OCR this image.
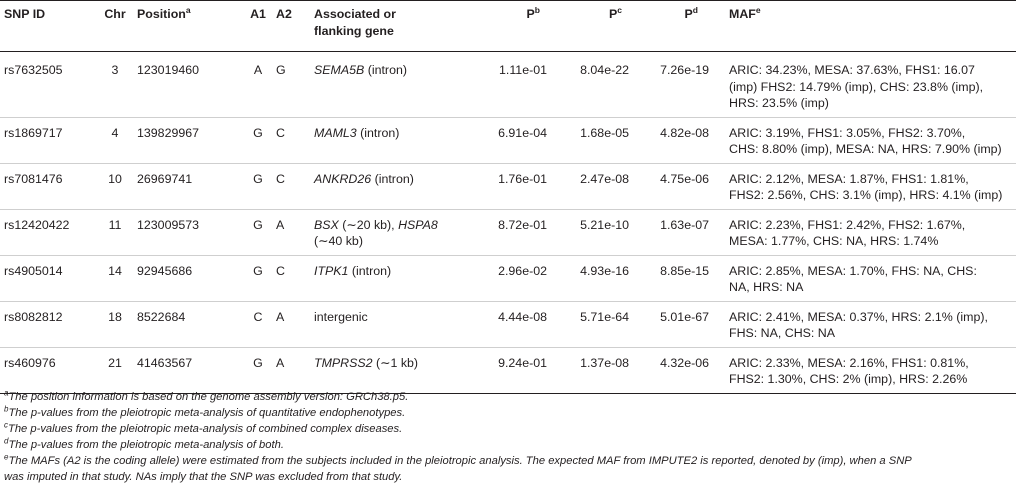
SNP ID	Chr	Position$^a$	A1	A2	Associated or
flanking gene	$P^b$	$P^c$	$P^d$	MAF$^e$
rs7632505	3	123019460	A	G	SEMA5B (intron)	1.11e-01	8.04e-22	7.26e-19	ARIC: 34.23%, MESA: 37.63%, FHS1: 16.07
(imp) FHS2: 14.79% (imp), CHS: 23.8% (imp),
HRS: 23.5% (imp)
rs1869717	4	139829967	G	C	MAML3 (intron)	6.91e-04	1.68e-05	4.82e-08	ARIC: 3.19%, FHS1: 3.05%, FHS2: 3.70%,
CHS: 8.80% (imp), MESA: NA, HRS: 7.90% (imp)
rs7081476	10	26969741	G	C	ANKRD26 (intron)	1.76e-01	2.47e-08	4.75e-06	ARIC: 2.12%, MESA: 1.87%, FHS1: 1.81%,
FHS2: 2.56%, CHS: 3.1% (imp), HRS: 4.1% (imp)
rs12420422	11	123009573	G	A	BSX (∼20 kb), HSPA8
(∼40 kb)	8.72e-01	5.21e-10	1.63e-07	ARIC: 2.23%, FHS1: 2.42%, FHS2: 1.67%,
MESA: 1.77%, CHS: NA, HRS: 1.74%
rs4905014	14	92945686	G	C	ITPK1 (intron)	2.96e-02	4.93e-16	8.85e-15	ARIC: 2.85%, MESA: 1.70%, FHS: NA, CHS:
NA, HRS: NA
rs8082812	18	8522684	C	A	intergenic	4.44e-08	5.71e-64	5.01e-67	ARIC: 2.41%, MESA: 0.37%, HRS: 2.1% (imp),
FHS: NA, CHS: NA
rs460976	21	41463567	G	A	TMPRSS2 (∼1 kb)	9.24e-01	1.37e-08	4.32e-06	ARIC: 2.33%, MESA: 2.16%, FHS1: 0.81%,
FHS2: 1.30%, CHS: 2% (imp), HRS: 2.26%
$^a$The position information is based on the genome assembly version: GRCh38.p5.
$^b$The p-values from the pleiotropic meta-analysis of quantitative endophenotypes.
$^c$The p-values from the pleiotropic meta-analysis of combined complex diseases.
$^d$The p-values from the pleiotropic meta-analysis of both.
$^e$The MAFs (A2 is the coding allele) were estimated from the subjects included in the pleiotropic analysis. The expected MAF from IMPUTE2 is reported, denoted by (imp), when a SNP
was imputed in that study. NAs imply that the SNP was excluded from that study.
